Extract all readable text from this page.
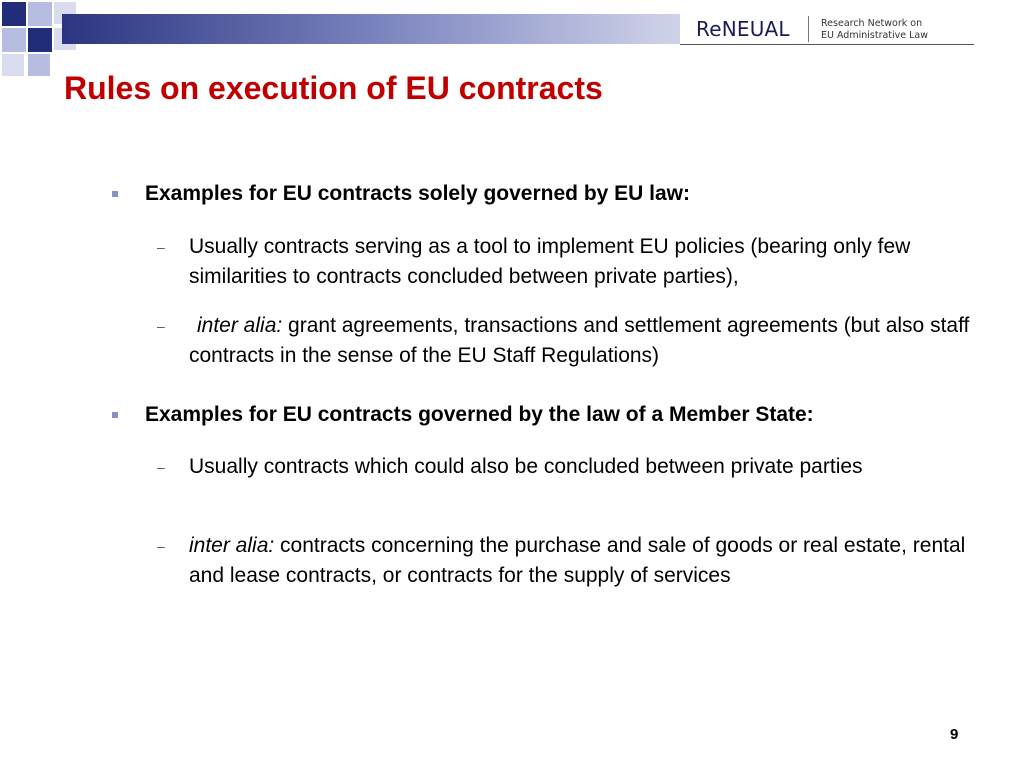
ReNEUAL	Research Network on
EU Administrative Law
Rules on execution of EU contracts
Examples for EU contracts solely governed by EU law:
– Usually contracts serving as a tool to implement EU policies (bearing only few similarities to contracts concluded between private parties),
– inter alia: grant agreements, transactions and settlement agreements (but also staff contracts in the sense of the EU Staff Regulations)
Examples for EU contracts governed by the law of a Member State:
– Usually contracts which could also be concluded between private parties
– inter alia: contracts concerning the purchase and sale of goods or real estate, rental and lease contracts, or contracts for the supply of services
9
